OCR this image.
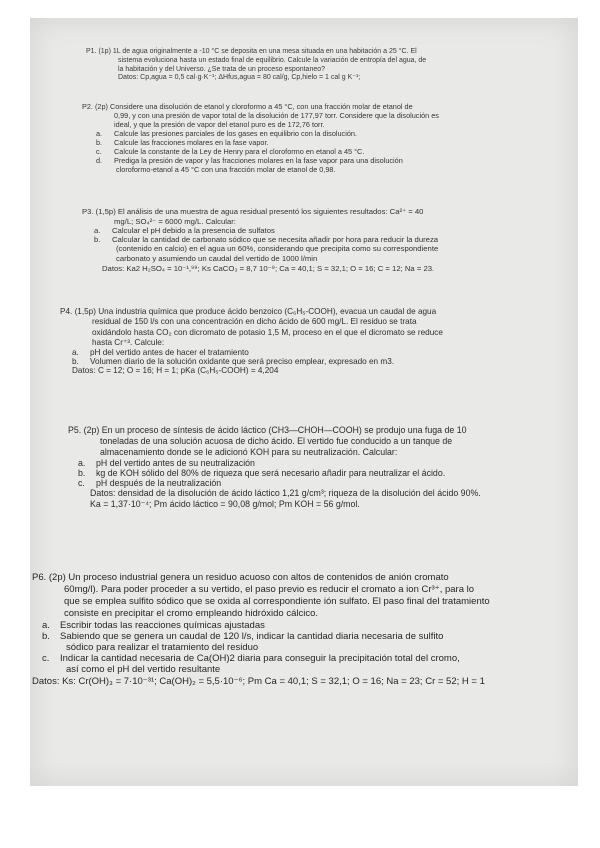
P1. (1p) 1L de agua originalmente a -10 °C se deposita en una mesa situada en una habitación a 25 °C. El
sistema evoluciona hasta un estado final de equilibrio. Calcule la variación de entropía del agua, de
la habitación y del Universo. ¿Se trata de un proceso espontaneo?
Datos: Cp,agua = 0,5 cal·g·K⁻¹; ΔHfus,agua = 80 cal/g, Cp,hielo = 1 cal g K⁻¹;
P2. (2p) Considere una disolución de etanol y cloroformo a 45 °C, con una fracción molar de etanol de
0,99, y con una presión de vapor total de la disolución de 177,97 torr. Considere que la disolución es
ideal, y que la presión de vapor del etanol puro es de 172,76 torr.
a.	Calcule las presiones parciales de los gases en equilibrio con la disolución.
b.	Calcule las fracciones molares en la fase vapor.
c.	Calcule la constante de la Ley de Henry para el cloroformo en etanol a 45 °C.
d.	Prediga la presión de vapor y las fracciones molares en la fase vapor para una disolución
cloroformo-etanol a 45 °C con una fracción molar de etanol de 0,98.
P3. (1,5p) El análisis de una muestra de agua residual presentó los siguientes resultados: Ca²⁺ = 40
mg/L; SO₄²⁻ = 6000 mg/L. Calcular:
a.	Calcular el pH debido a la presencia de sulfatos
b.	Calcular la cantidad de carbonato sódico que se necesita añadir por hora para reducir la dureza
(contenido en calcio) en el agua un 60%, considerando que precipita como su correspondiente
carbonato y asumiendo un caudal del vertido de 1000 l/min
Datos: Ka2 H₂SO₄ = 10⁻¹,⁹⁹; Ks CaCO₃ = 8,7 10⁻⁹; Ca = 40,1; S = 32,1; O = 16; C = 12; Na = 23.
P4. (1,5p) Una industria química que produce ácido benzoico (C₆H₅-COOH), evacua un caudal de agua
residual de 150 l/s con una concentración en dicho ácido de 600 mg/L. El residuo se trata
oxidándolo hasta CO₂ con dicromato de potasio 1,5 M, proceso en el que el dicromato se reduce
hasta Cr⁺³. Calcule:
a.	pH del vertido antes de hacer el tratamiento
b.	Volumen diario de la solución oxidante que será preciso emplear, expresado en m3.
Datos: C = 12; O = 16; H = 1; pKa (C₆H₅-COOH) = 4,204
P5. (2p) En un proceso de síntesis de ácido láctico (CH3—CHOH—COOH) se produjo una fuga de 10
toneladas de una solución acuosa de dicho ácido. El vertido fue conducido a un tanque de
almacenamiento donde se le adicionó KOH para su neutralización. Calcular:
a.	pH del vertido antes de su neutralización
b.	kg de KOH sólido del 80% de riqueza que será necesario añadir para neutralizar el ácido.
c.	pH después de la neutralización
Datos: densidad de la disolución de ácido láctico 1,21 g/cm³; riqueza de la disolución del ácido 90%.
Ka = 1,37·10⁻⁴; Pm ácido láctico = 90,08 g/mol; Pm KOH = 56 g/mol.
P6. (2p) Un proceso industrial genera un residuo acuoso con altos de contenidos de anión cromato
60mg/l). Para poder proceder a su vertido, el paso previo es reducir el cromato a ion Cr³⁺, para lo
que se emplea sulfito sódico que se oxida al correspondiente ión sulfato. El paso final del tratamiento
consiste en precipitar el cromo empleando hidróxido cálcico.
a.	Escribir todas las reacciones químicas ajustadas
b.	Sabiendo que se genera un caudal de 120 l/s, indicar la cantidad diaria necesaria de sulfito
sódico para realizar el tratamiento del residuo
c.	Indicar la cantidad necesaria de Ca(OH)2 diaria para conseguir la precipitación total del cromo,
así como el pH del vertido resultante
Datos: Ks: Cr(OH)₃ = 7·10⁻³¹; Ca(OH)₂ = 5,5·10⁻⁶; Pm Ca = 40,1; S = 32,1; O = 16; Na = 23; Cr = 52; H = 1
